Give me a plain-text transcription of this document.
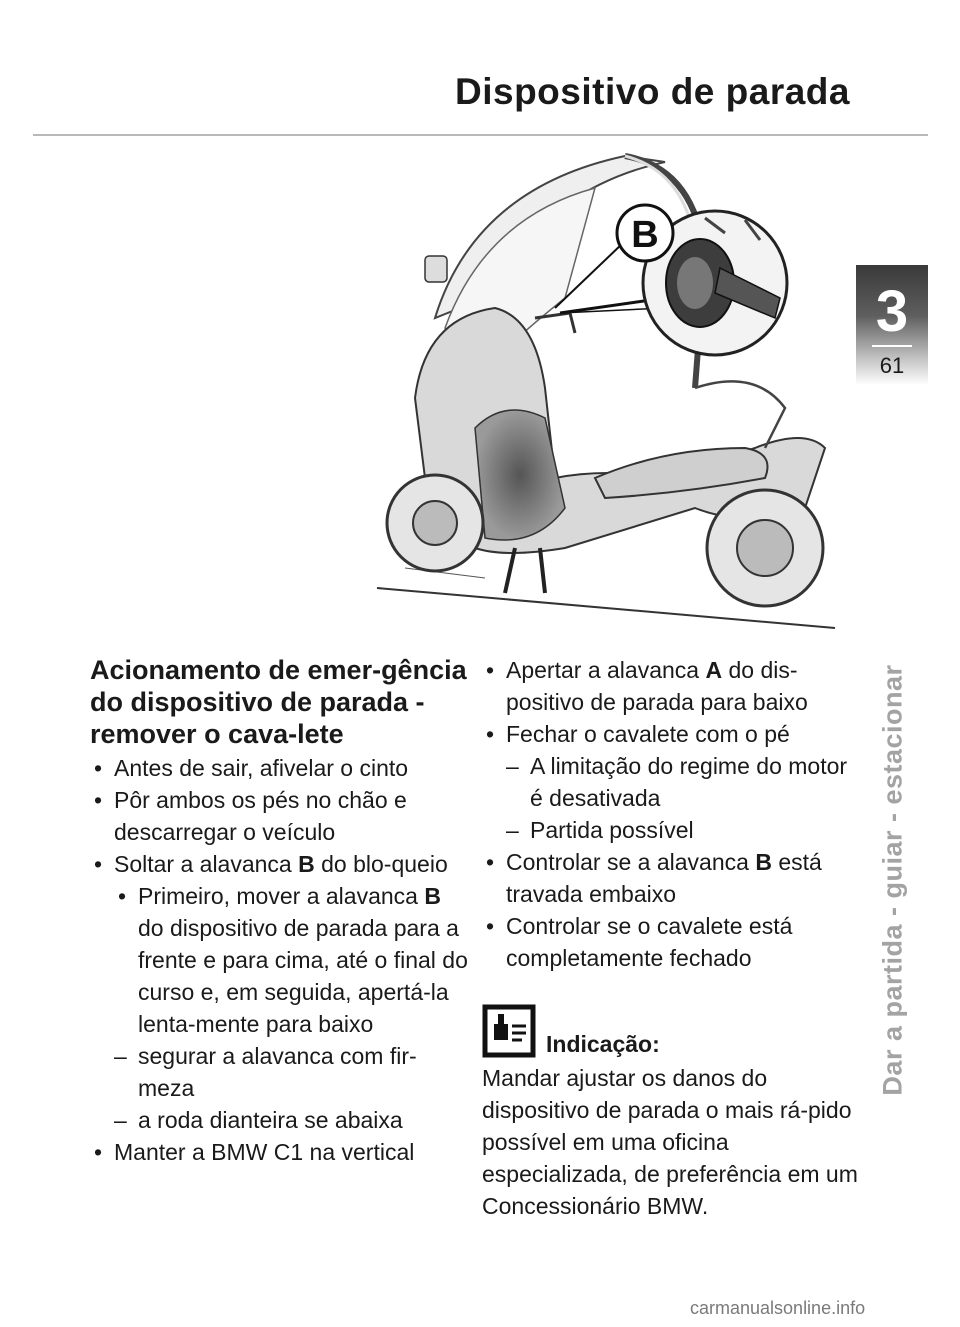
Dispositivo de parada
3
61
Dar a partida - guiar - estacionar
B
Acionamento de emer-gência do dispositivo de parada - remover o cava-lete
• Antes de sair, afivelar o cinto
• Pôr ambos os pés no chão e descarregar o veículo
• Soltar a alavanca B do blo-queio
• Primeiro, mover a alavanca B do dispositivo de parada para a frente e para cima, até o final do curso e, em seguida, apertá-la lenta-mente para baixo
– segurar a alavanca com fir-meza
– a roda dianteira se abaixa
• Manter a BMW C1 na vertical
• Apertar a alavanca A do dis-positivo de parada para baixo
• Fechar o cavalete com o pé
– A limitação do regime do motor é desativada
– Partida possível
• Controlar se a alavanca B está travada embaixo
• Controlar se o cavalete está completamente fechado
Indicação:
Mandar ajustar os danos do dispositivo de parada o mais rá-pido possível em uma oficina especializada, de preferência em um Concessionário BMW.
carmanualsonline.info
